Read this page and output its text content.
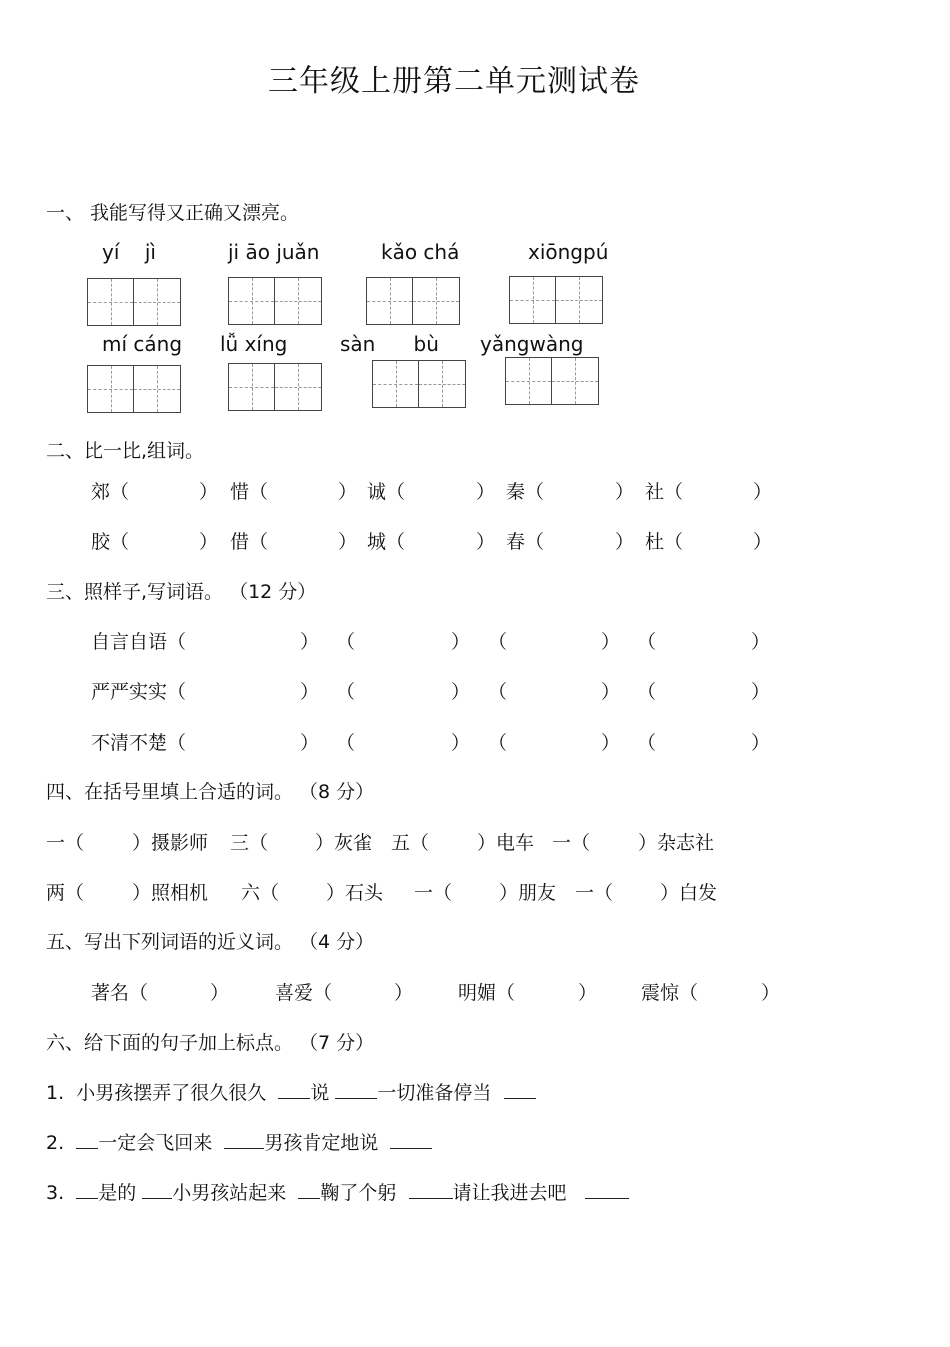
三年级上册第二单元测试卷
一、 我能写得又正确又漂亮。
yí    jì	ji āo juǎn	kǎo chá	xiōngpú
mí cáng lǚ xíng	sàn      bù yǎngwàng
二、比一比,组词。
郊（	） 惜（	） 诚（	） 秦（	） 社（	）
胶（	） 借（	） 城（	） 春（	） 杜（	）
三、照样子,写词语。 （12 分）
自言自语（	） （	） （	） （	）
严严实实（	） （	） （	） （	）
不清不楚（	） （	） （	） （	）
四、在括号里填上合适的词。 （8 分）
一（	）摄影师 三（ ）灰雀 五（	）电车 一（	）杂志社
两（	）照相机 六（ ）石头 一（ ）朋友 一（ ）白发
五、写出下列词语的近义词。 （4 分）
著名（	） 喜爱（	） 明媚（	） 震惊（	）
六、给下面的句子加上标点。 （7 分）
1. 小男孩摆弄了很久很久 说	一切准备停当
2. 一定会飞回来	男孩肯定地说
3. 是的 小男孩站起来 鞠了个躬	请让我进去吧
